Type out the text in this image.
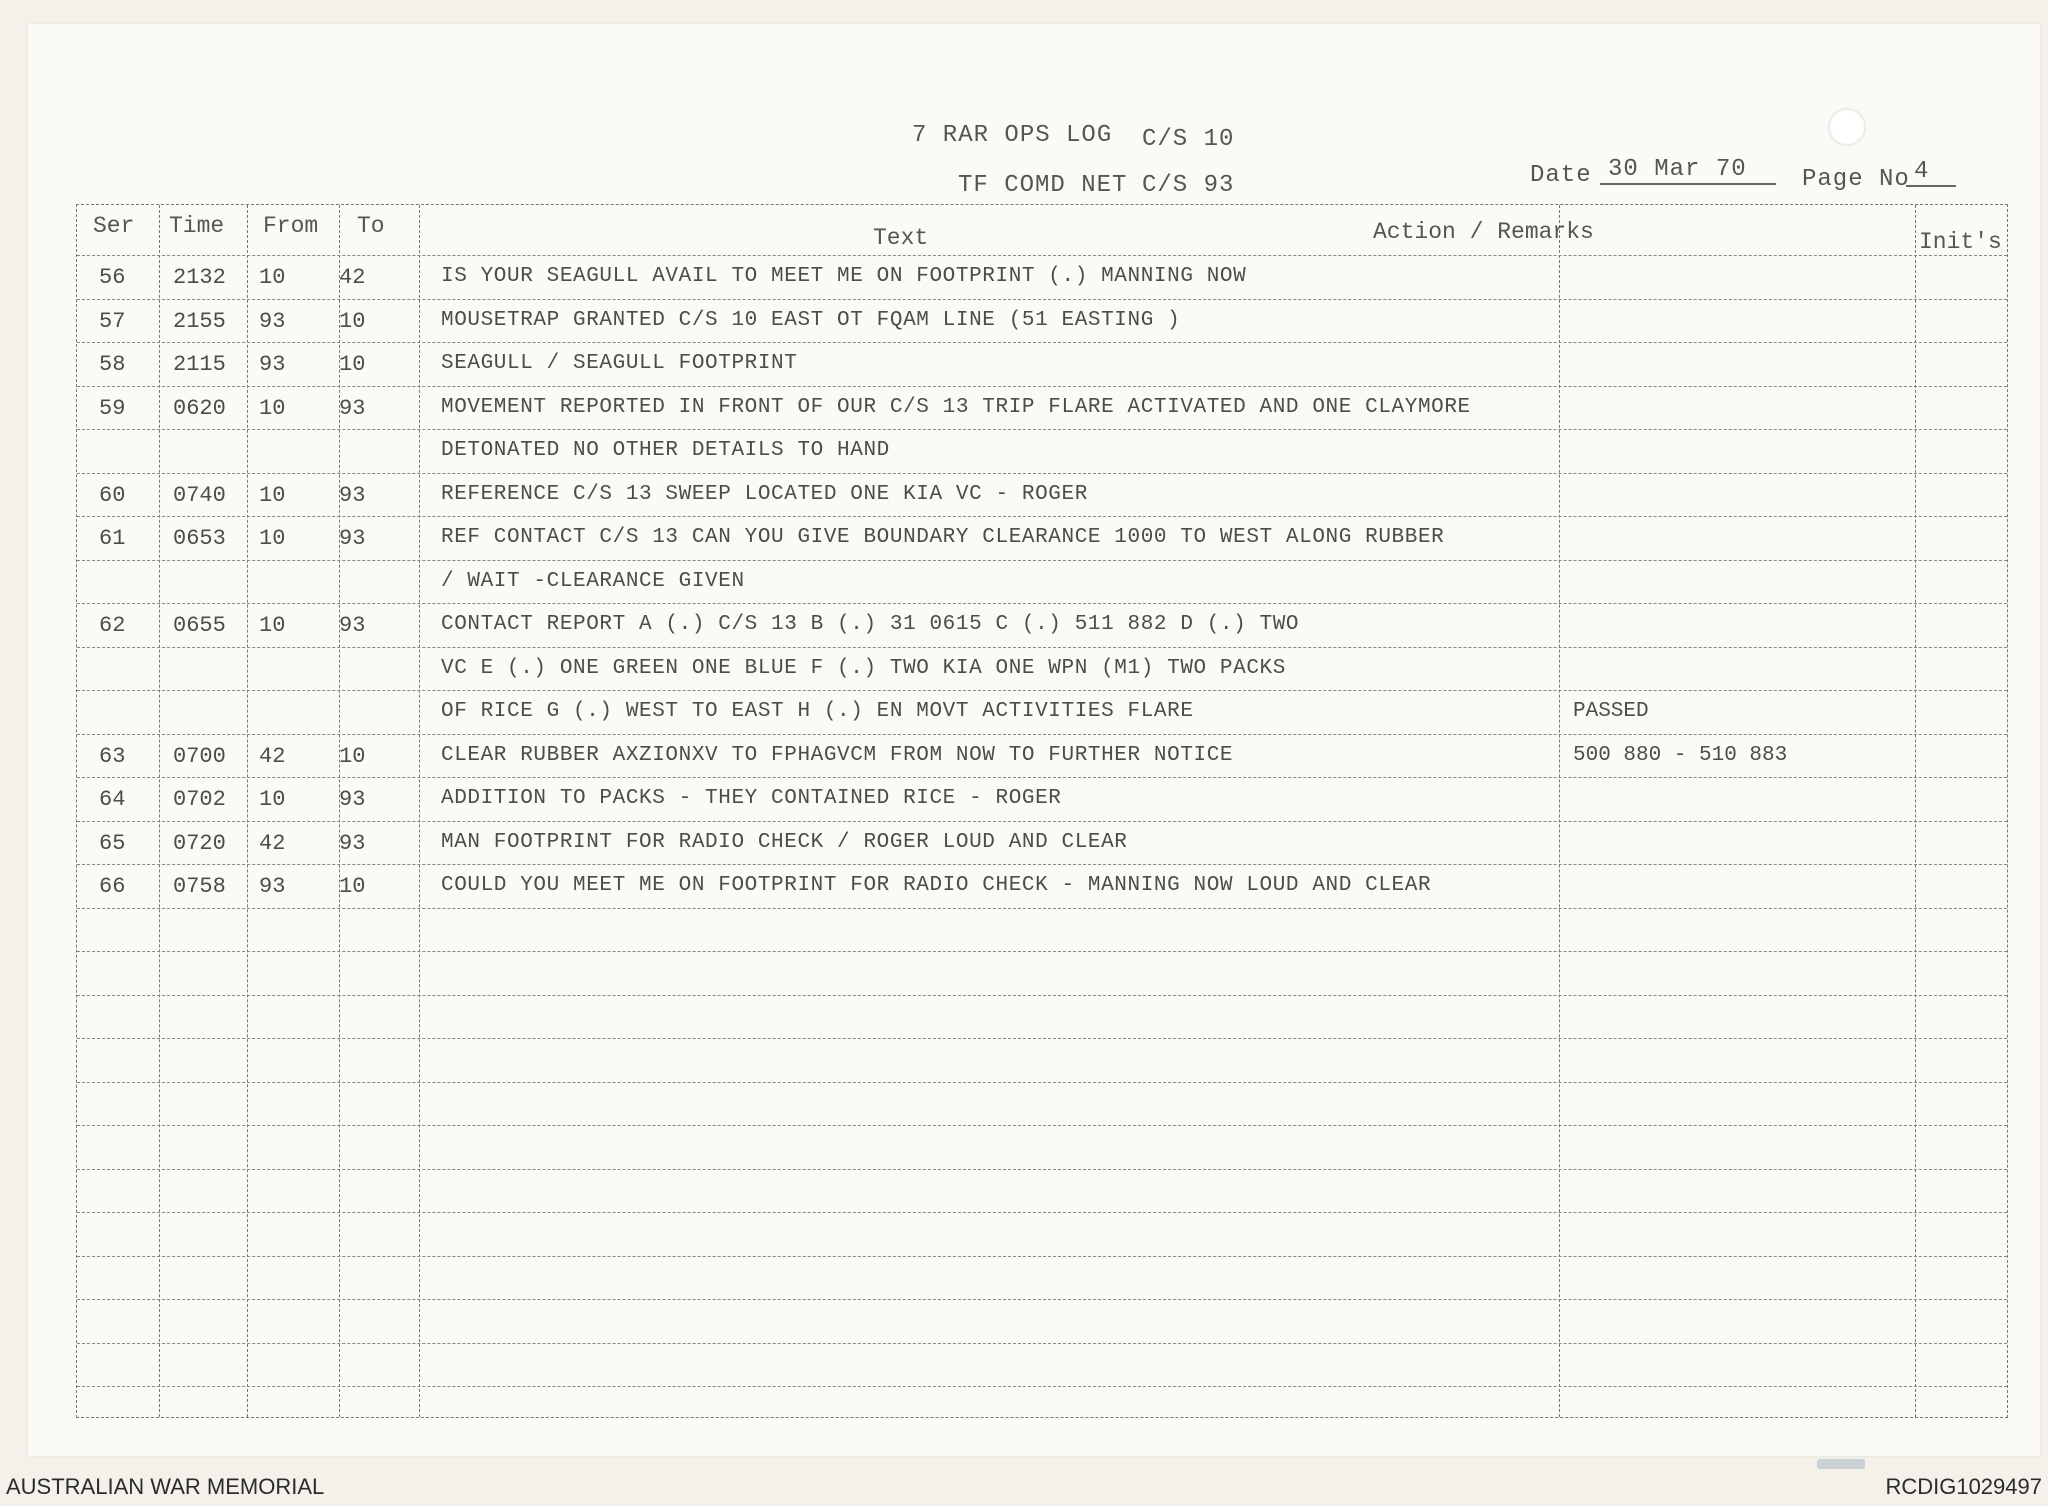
7 RAR OPS LOG C/S 10
TF COMD NET C/S 93	Date 30 Mar 70	Page No 4
Ser Time From To	Text	Action / Remarks	Init's
56 2132 10 42	IS YOUR SEAGULL AVAIL TO MEET ME ON FOOTPRINT (.) MANNING NOW
57 2155 93 10	MOUSETRAP GRANTED C/S 10 EAST OT FQAM LINE (51 EASTING )
58 2115 93 10	SEAGULL / SEAGULL FOOTPRINT
59 0620 10 93	MOVEMENT REPORTED IN FRONT OF OUR C/S 13 TRIP FLARE ACTIVATED AND ONE CLAYMORE
DETONATED NO OTHER DETAILS TO HAND
60 0740 10 93	REFERENCE C/S 13 SWEEP LOCATED ONE KIA VC - ROGER
61 0653 10 93	REF CONTACT C/S 13 CAN YOU GIVE BOUNDARY CLEARANCE 1000 TO WEST ALONG RUBBER
/ WAIT -CLEARANCE GIVEN
62 0655 10 93	CONTACT REPORT A (.) C/S 13 B (.) 31 0615 C (.) 511 882 D (.) TWO
VC E (.) ONE GREEN ONE BLUE F (.) TWO KIA ONE WPN (M1) TWO PACKS
OF RICE G (.) WEST TO EAST H (.) EN MOVT ACTIVITIES FLARE	PASSED
63 0700 42 10	CLEAR RUBBER AXZIONXV TO FPHAGVCM FROM NOW TO FURTHER NOTICE	500 880 - 510 883
64 0702 10 93	ADDITION TO PACKS - THEY CONTAINED RICE - ROGER
65 0720 42 93	MAN FOOTPRINT FOR RADIO CHECK / ROGER LOUD AND CLEAR
66 0758 93 10	COULD YOU MEET ME ON FOOTPRINT FOR RADIO CHECK - MANNING NOW LOUD AND CLEAR
AUSTRALIAN WAR MEMORIAL	RCDIG1029497
